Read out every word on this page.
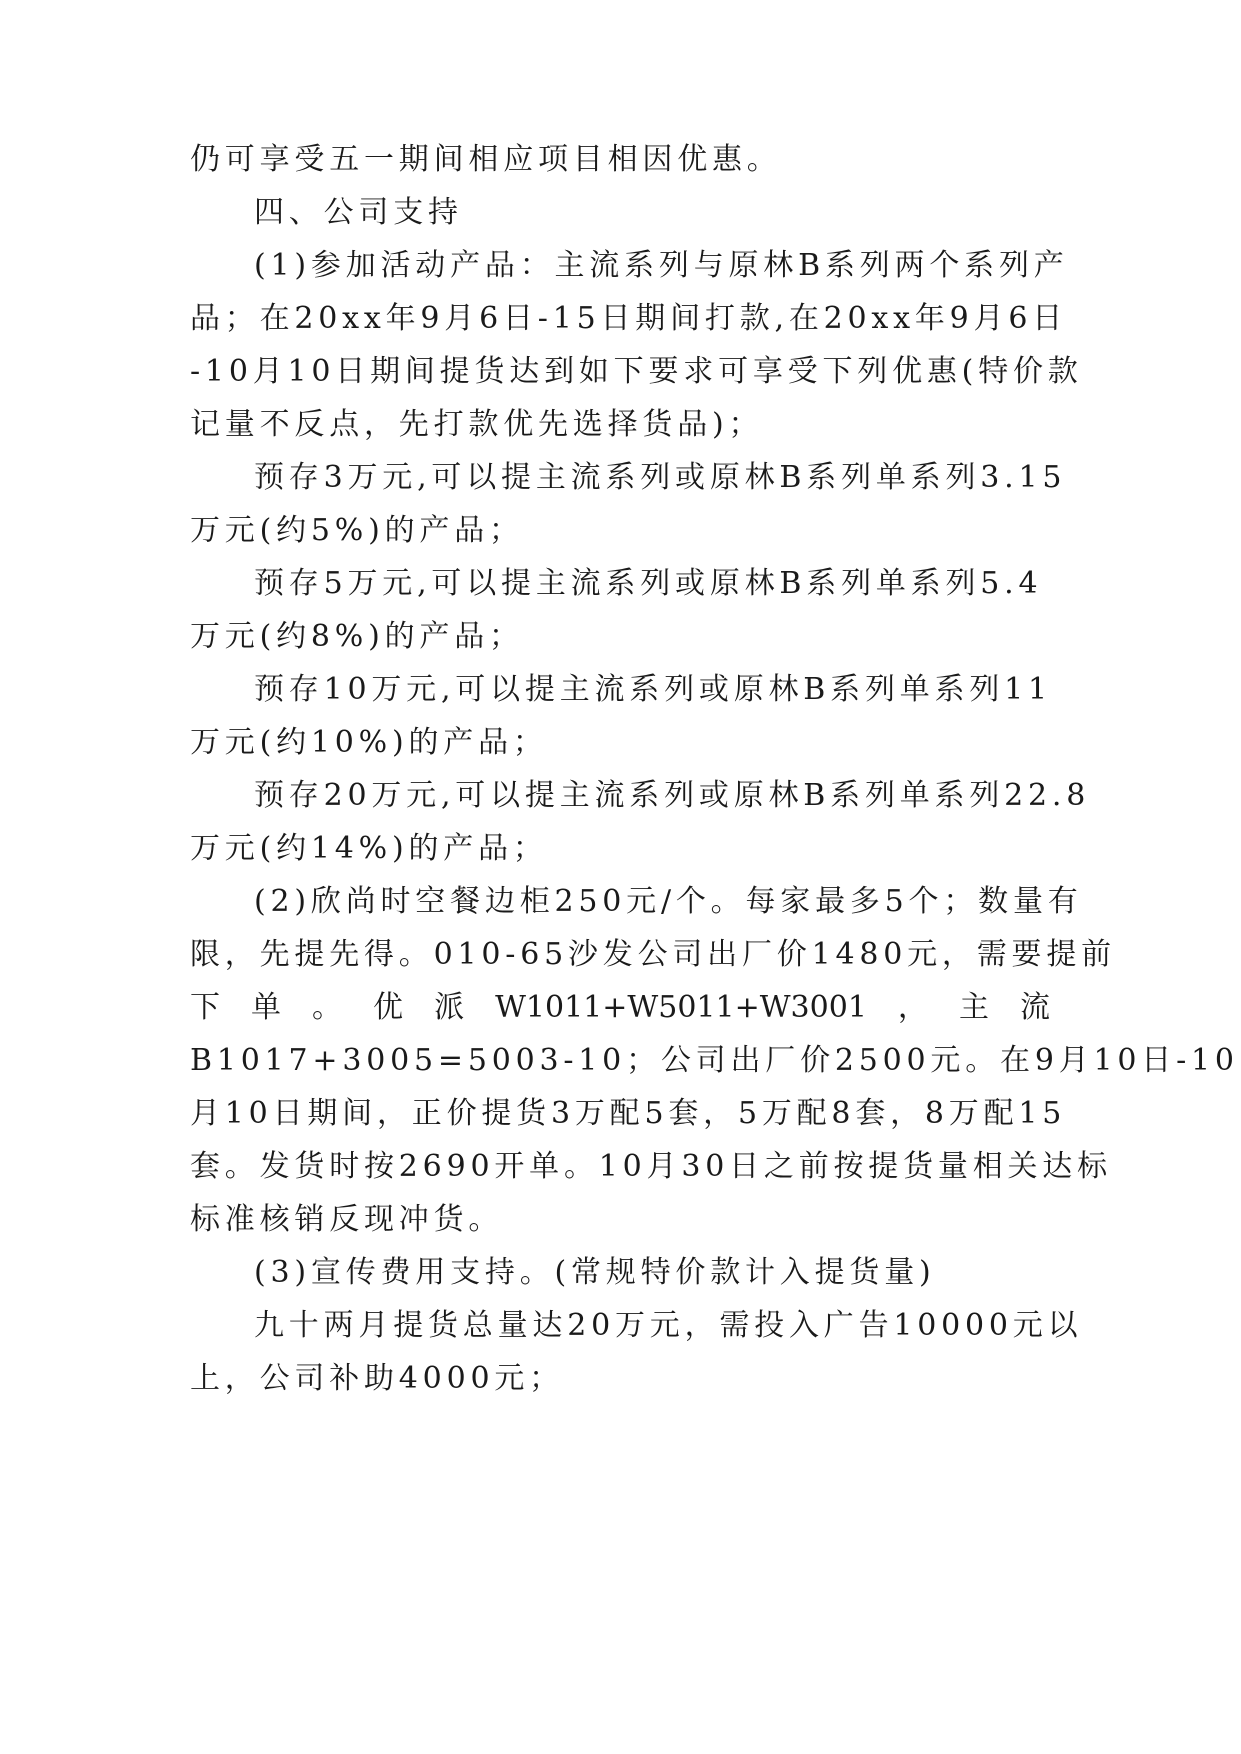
仍可享受五一期间相应项目相因优惠。
四、公司支持
(1)参加活动产品：主流系列与原林B系列两个系列产
品；在20xx年9月6日-15日期间打款,在20xx年9月6日
-10月10日期间提货达到如下要求可享受下列优惠(特价款
记量不反点，先打款优先选择货品)；
预存3万元,可以提主流系列或原林B系列单系列3.15
万元(约5%)的产品；
预存5万元,可以提主流系列或原林B系列单系列5.4
万元(约8%)的产品；
预存10万元,可以提主流系列或原林B系列单系列11
万元(约10%)的产品；
预存20万元,可以提主流系列或原林B系列单系列22.8
万元(约14%)的产品；
(2)欣尚时空餐边柜250元/个。每家最多5个；数量有
限，先提先得。010-65沙发公司出厂价1480元，需要提前
下 单 。 优 派 W1011+W5011+W3001 ， 主 流
B1017+3005=5003-10；公司出厂价2500元。在9月10日-10
月10日期间，正价提货3万配5套，5万配8套，8万配15
套。发货时按2690开单。10月30日之前按提货量相关达标
标准核销反现冲货。
(3)宣传费用支持。(常规特价款计入提货量)
九十两月提货总量达20万元，需投入广告10000元以
上，公司补助4000元；
